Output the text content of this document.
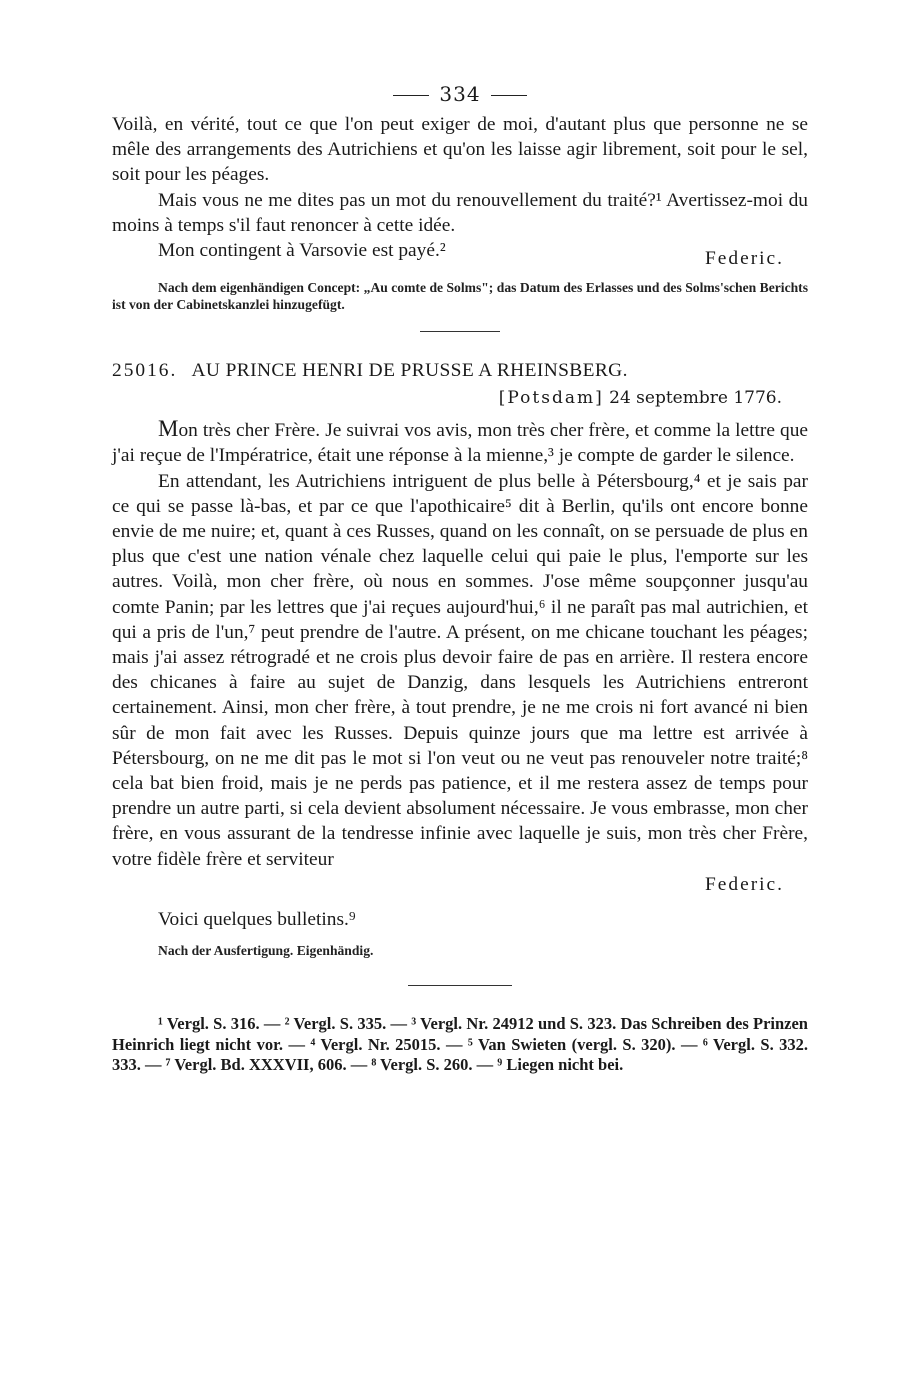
334

Voilà, en vérité, tout ce que l'on peut exiger de moi, d'autant plus que personne ne se mêle des arrangements des Autrichiens et qu'on les laisse agir librement, soit pour le sel, soit pour les péages.

Mais vous ne me dites pas un mot du renouvellement du traité?¹ Avertissez-moi du moins à temps s'il faut renoncer à cette idée.

Mon contingent à Varsovie est payé.²	Federic.

Nach dem eigenhändigen Concept: „Au comte de Solms"; das Datum des Erlasses und des Solms'schen Berichts ist von der Cabinetskanzlei hinzugefügt.

25016. AU PRINCE HENRI DE PRUSSE A RHEINSBERG.
[Potsdam] 24 septembre 1776.

Mon très cher Frère. Je suivrai vos avis, mon très cher frère, et comme la lettre que j'ai reçue de l'Impératrice, était une réponse à la mienne,³ je compte de garder le silence.

En attendant, les Autrichiens intriguent de plus belle à Pétersbourg,⁴ et je sais par ce qui se passe là-bas, et par ce que l'apothicaire⁵ dit à Berlin, qu'ils ont encore bonne envie de me nuire; et, quant à ces Russes, quand on les connaît, on se persuade de plus en plus que c'est une nation vénale chez laquelle celui qui paie le plus, l'emporte sur les autres. Voilà, mon cher frère, où nous en sommes. J'ose même soupçonner jusqu'au comte Panin; par les lettres que j'ai reçues aujourd'hui,⁶ il ne paraît pas mal autrichien, et qui a pris de l'un,⁷ peut prendre de l'autre. A présent, on me chicane touchant les péages; mais j'ai assez rétrogradé et ne crois plus devoir faire de pas en arrière. Il restera encore des chicanes à faire au sujet de Danzig, dans lesquels les Autrichiens entreront certainement. Ainsi, mon cher frère, à tout prendre, je ne me crois ni fort avancé ni bien sûr de mon fait avec les Russes. Depuis quinze jours que ma lettre est arrivée à Pétersbourg, on ne me dit pas le mot si l'on veut ou ne veut pas renouveler notre traité;⁸ cela bat bien froid, mais je ne perds pas patience, et il me restera assez de temps pour prendre un autre parti, si cela devient absolument nécessaire. Je vous embrasse, mon cher frère, en vous assurant de la tendresse infinie avec laquelle je suis, mon très cher Frère, votre fidèle frère et serviteur

Federic.

Voici quelques bulletins.⁹

Nach der Ausfertigung. Eigenhändig.

¹ Vergl. S. 316. — ² Vergl. S. 335. — ³ Vergl. Nr. 24912 und S. 323. Das Schreiben des Prinzen Heinrich liegt nicht vor. — ⁴ Vergl. Nr. 25015. — ⁵ Van Swieten (vergl. S. 320). — ⁶ Vergl. S. 332. 333. — ⁷ Vergl. Bd. XXXVII, 606. — ⁸ Vergl. S. 260. — ⁹ Liegen nicht bei.
